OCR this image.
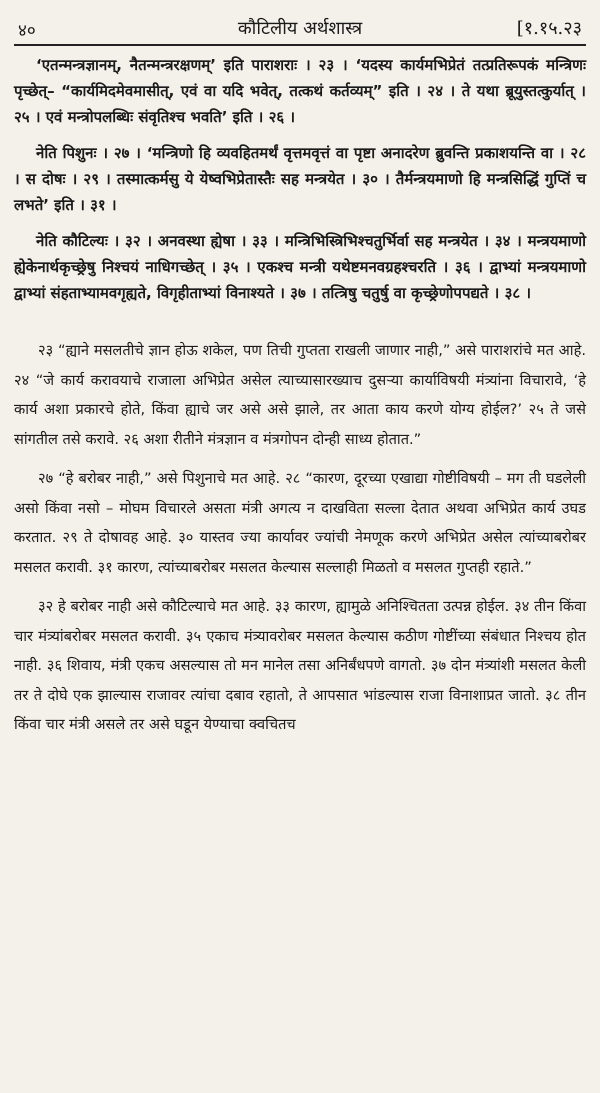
४०	कौटिलीय अर्थशास्त्र	[१.१५.२३

‘एतन्मन्त्रज्ञानम्, नैतन्मन्त्ररक्षणम्’ इति पाराशराः । २३ । ‘यदस्य कार्यमभिप्रेतं तत्प्रतिरूपकं मन्त्रिणः पृच्छेत्– “कार्यमिदमेवमासीत्, एवं वा यदि भवेत्, तत्कथं कर्तव्यम्” इति । २४ । ते यथा ब्रूयुस्तत्कुर्यात् । २५ । एवं मन्त्रोपलब्धिः संवृतिश्च भवति’ इति । २६ ।

नेति पिशुनः । २७ । ‘मन्त्रिणो हि व्यवहितमर्थं वृत्तमवृत्तं वा पृष्टा अनादरेण ब्रुवन्ति प्रकाशयन्ति वा । २८ । स दोषः । २९ । तस्मात्कर्मसु ये येष्वभिप्रेतास्तैः सह मन्त्रयेत । ३० । तैर्मन्त्रयमाणो हि मन्त्रसिद्धिं गुप्तिं च लभते’ इति । ३१ ।

नेति कौटिल्यः । ३२ । अनवस्था ह्येषा । ३३ । मन्त्रिभिस्त्रिभिश्चतुर्भिर्वा सह मन्त्रयेत । ३४ । मन्त्रयमाणो ह्येकेनार्थकृच्छ्रेषु निश्चयं नाधिगच्छेत् । ३५ । एकश्च मन्त्री यथेष्टमनवग्रहश्चरति । ३६ । द्वाभ्यां मन्त्रयमाणो द्वाभ्यां संहताभ्यामवगृह्यते, विगृहीताभ्यां विनाश्यते । ३७ । तत्त्रिषु चतुर्षु वा कृच्छ्रेणोपपद्यते । ३८ ।

२३ “ह्याने मसलतीचे ज्ञान होऊ शकेल, पण तिची गुप्तता राखली जाणार नाही,” असे पाराशरांचे मत आहे. २४ “जे कार्य करावयाचे राजाला अभिप्रेत असेल त्याच्यासारख्याच दुसऱ्या कार्याविषयी मंत्र्यांना विचारावे, ‘हे कार्य अशा प्रकारचे होते, किंवा ह्याचे जर असे असे झाले, तर आता काय करणे योग्य होईल?’ २५ ते जसे सांगतील तसे करावे. २६ अशा रीतीने मंत्रज्ञान व मंत्रगोपन दोन्ही साध्य होतात.”

२७ “हे बरोबर नाही,” असे पिशुनाचे मत आहे. २८ “कारण, दूरच्या एखाद्या गोष्टीविषयी – मग ती घडलेली असो किंवा नसो – मोघम विचारले असता मंत्री अगत्य न दाखविता सल्ला देतात अथवा अभिप्रेत कार्य उघड करतात. २९ ते दोषावह आहे. ३० यास्तव ज्या कार्यावर ज्यांची नेमणूक करणे अभिप्रेत असेल त्यांच्याबरोबर मसलत करावी. ३१ कारण, त्यांच्याबरोबर मसलत केल्यास सल्लाही मिळतो व मसलत गुप्तही रहाते.”

३२ हे बरोबर नाही असे कौटिल्याचे मत आहे. ३३ कारण, ह्यामुळे अनिश्चितता उत्पन्न होईल. ३४ तीन किंवा चार मंत्र्यांबरोबर मसलत करावी. ३५ एकाच मंत्र्यावरोबर मसलत केल्यास कठीण गोष्टींच्या संबंधात निश्चय होत नाही. ३६ शिवाय, मंत्री एकच असल्यास तो मन मानेल तसा अनिर्बंधपणे वागतो. ३७ दोन मंत्र्यांशी मसलत केली तर ते दोघे एक झाल्यास राजावर त्यांचा दबाव रहातो, ते आपसात भांडल्यास राजा विनाशाप्रत जातो. ३८ तीन किंवा चार मंत्री असले तर असे घडून येण्याचा क्वचितच
